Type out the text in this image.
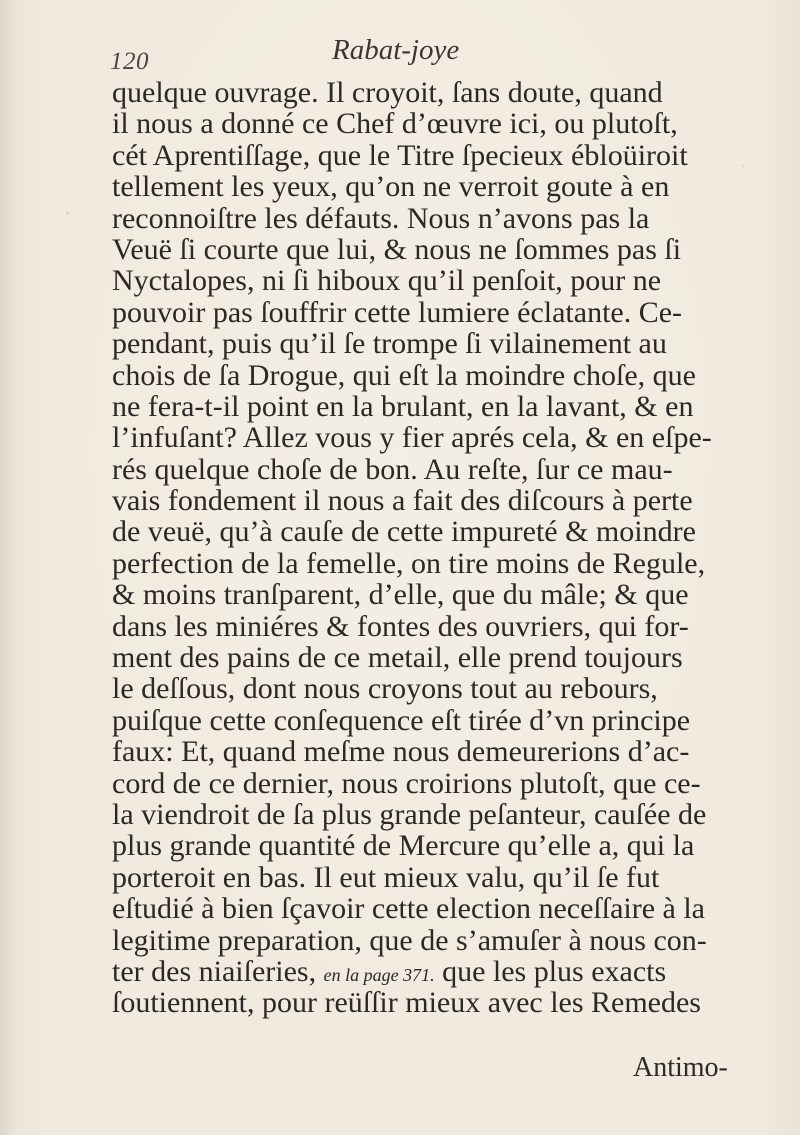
120	Rabat-joye
quelque ouvrage. Il croyoit, ſans doute, quand
il nous a donné ce Chef d’œuvre ici, ou plutoſt,
cét Aprentiſſage, que le Titre ſpecieux ébloüiroit
tellement les yeux, qu’on ne verroit goute à en
reconnoiſtre les défauts. Nous n’avons pas la
Veuë ſi courte que lui, & nous ne ſommes pas ſi
Nyctalopes, ni ſi hiboux qu’il penſoit, pour ne
pouvoir pas ſouffrir cette lumiere éclatante. Ce-
pendant, puis qu’il ſe trompe ſi vilainement au
chois de ſa Drogue, qui eſt la moindre choſe, que
ne fera-t-il point en la brulant, en la lavant, & en
l’infuſant? Allez vous y fier aprés cela, & en eſpe-
rés quelque choſe de bon. Au reſte, ſur ce mau-
vais fondement il nous a fait des diſcours à perte
de veuë, qu’à cauſe de cette impureté & moindre
perfection de la femelle, on tire moins de Regule,
& moins tranſparent, d’elle, que du mâle; & que
dans les miniéres & fontes des ouvriers, qui for-
ment des pains de ce metail, elle prend toujours
le deſſous, dont nous croyons tout au rebours,
puiſque cette conſequence eſt tirée d’vn principe
faux: Et, quand meſme nous demeurerions d’ac-
cord de ce dernier, nous croirions plutoſt, que ce-
la viendroit de ſa plus grande peſanteur, cauſée de
plus grande quantité de Mercure qu’elle a, qui la
porteroit en bas. Il eut mieux valu, qu’il ſe fut
eſtudié à bien ſçavoir cette election neceſſaire à la
legitime preparation, que de s’amuſer à nous con-
ter des niaiſeries, en la page 371. que les plus exacts
ſoutiennent, pour reüſſir mieux avec les Remedes
Antimo-
